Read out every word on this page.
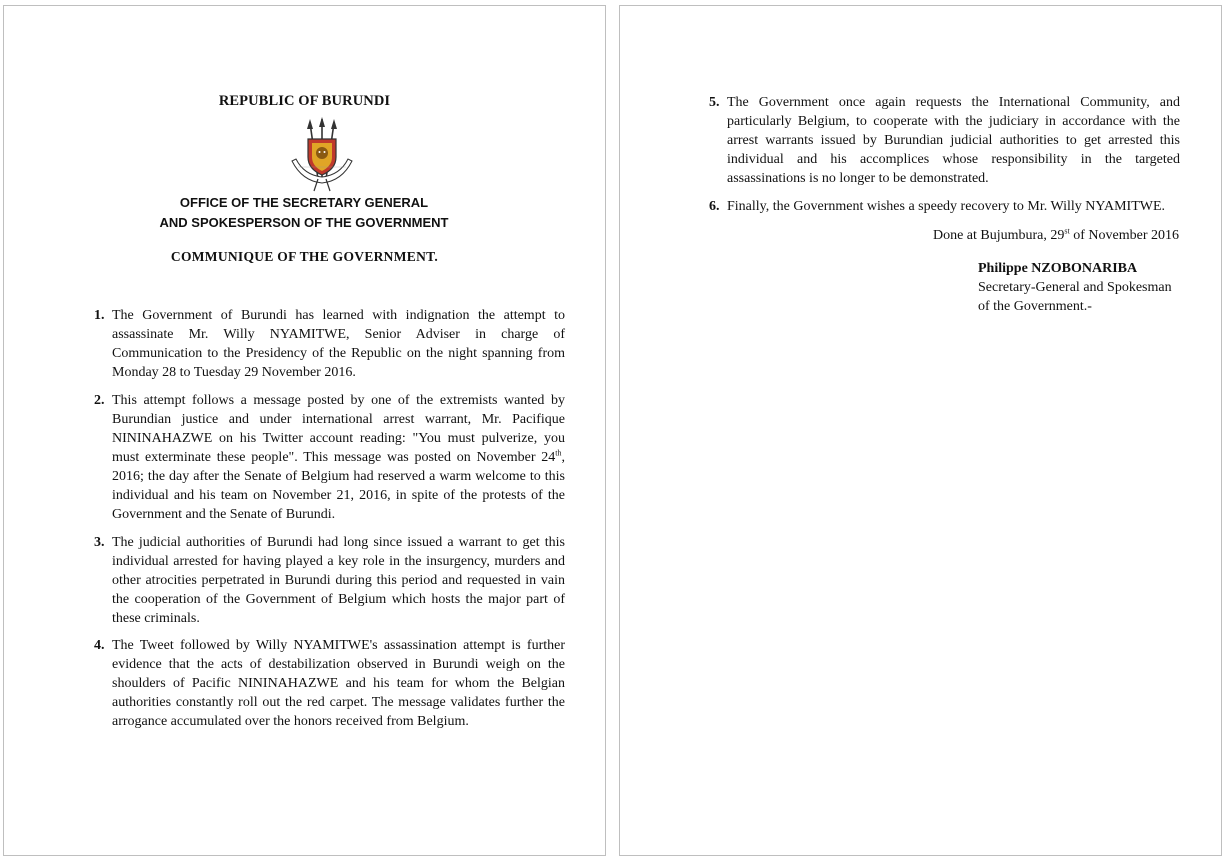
REPUBLIC OF BURUNDI
OFFICE OF THE SECRETARY GENERAL
AND SPOKESPERSON OF THE GOVERNMENT
COMMUNIQUE OF THE GOVERNMENT.
1. The Government of Burundi has learned with indignation the attempt to assassinate Mr. Willy NYAMITWE, Senior Adviser in charge of Communication to the Presidency of the Republic on the night spanning from Monday 28 to Tuesday 29 November 2016.
2. This attempt follows a message posted by one of the extremists wanted by Burundian justice and under international arrest warrant, Mr. Pacifique NININAHAZWE on his Twitter account reading: "You must pulverize, you must exterminate these people". This message was posted on November 24th, 2016; the day after the Senate of Belgium had reserved a warm welcome to this individual and his team on November 21, 2016, in spite of the protests of the Government and the Senate of Burundi.
3. The judicial authorities of Burundi had long since issued a warrant to get this individual arrested for having played a key role in the insurgency, murders and other atrocities perpetrated in Burundi during this period and requested in vain the cooperation of the Government of Belgium which hosts the major part of these criminals.
4. The Tweet followed by Willy NYAMITWE's assassination attempt is further evidence that the acts of destabilization observed in Burundi weigh on the shoulders of Pacific NININAHAZWE and his team for whom the Belgian authorities constantly roll out the red carpet. The message validates further the arrogance accumulated over the honors received from Belgium.
5. The Government once again requests the International Community, and particularly Belgium, to cooperate with the judiciary in accordance with the arrest warrants issued by Burundian judicial authorities to get arrested this individual and his accomplices whose responsibility in the targeted assassinations is no longer to be demonstrated.
6. Finally, the Government wishes a speedy recovery to Mr. Willy NYAMITWE.
Done at Bujumbura, 29st of November 2016
Philippe NZOBONARIBA
Secretary-General and Spokesman
of the Government.-
